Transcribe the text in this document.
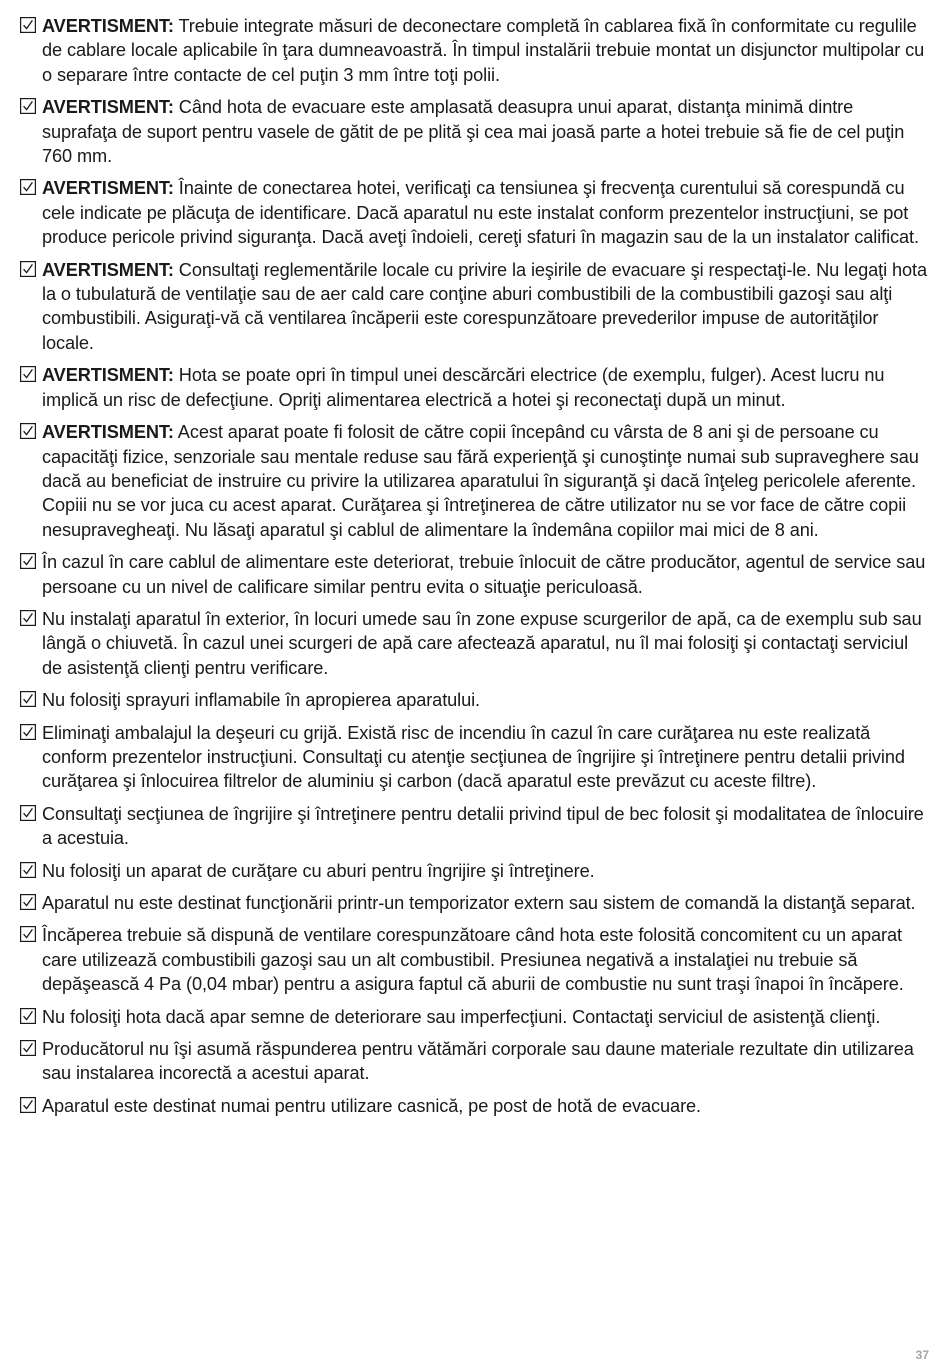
AVERTISMENT: Trebuie integrate măsuri de deconectare completă în cablarea fixă în conformitate cu regulile de cablare locale aplicabile în ţara dumneavoastră. În timpul instalării trebuie montat un disjunctor multipolar cu o separare între contacte de cel puţin 3 mm între toţi polii.
AVERTISMENT: Când hota de evacuare este amplasată deasupra unui aparat, distanţa minimă dintre suprafaţa de suport pentru vasele de gătit de pe plită şi cea mai joasă parte a hotei trebuie să fie de cel puţin 760 mm.
AVERTISMENT: Înainte de conectarea hotei, verificaţi ca tensiunea şi frecvenţa curentului să corespundă cu cele indicate pe plăcuţa de identificare. Dacă aparatul nu este instalat conform prezentelor instrucţiuni, se pot produce pericole privind siguranţa. Dacă aveţi îndoieli, cereţi sfaturi în magazin sau de la un instalator calificat.
AVERTISMENT: Consultaţi reglementările locale cu privire la ieşirile de evacuare şi respectaţi-le. Nu legaţi hota la o tubulatură de ventilaţie sau de aer cald care conţine aburi combustibili de la combustibili gazoşi sau alţi combustibili. Asiguraţi-vă că ventilarea încăperii este corespunzătoare prevederilor impuse de autorităţilor locale.
AVERTISMENT: Hota se poate opri în timpul unei descărcări electrice (de exemplu, fulger). Acest lucru nu implică un risc de defecţiune. Opriţi alimentarea electrică a hotei şi reconectaţi după un minut.
AVERTISMENT: Acest aparat poate fi folosit de către copii începând cu vârsta de 8 ani şi de persoane cu capacităţi fizice, senzoriale sau mentale reduse sau fără experienţă şi cunoştinţe numai sub supraveghere sau dacă au beneficiat de instruire cu privire la utilizarea aparatului în siguranţă şi dacă înţeleg pericolele aferente. Copiii nu se vor juca cu acest aparat. Curăţarea şi întreţinerea de către utilizator nu se vor face de către copii nesupravegheaţi. Nu lăsaţi aparatul şi cablul de alimentare la îndemâna copiilor mai mici de 8 ani.
În cazul în care cablul de alimentare este deteriorat, trebuie înlocuit de către producător, agentul de service sau persoane cu un nivel de calificare similar pentru evita o situaţie periculoasă.
Nu instalaţi aparatul în exterior, în locuri umede sau în zone expuse scurgerilor de apă, ca de exemplu sub sau lângă o chiuvetă. În cazul unei scurgeri de apă care afectează aparatul, nu îl mai folosiţi şi contactaţi serviciul de asistenţă clienţi pentru verificare.
Nu folosiţi sprayuri inflamabile în apropierea aparatului.
Eliminaţi ambalajul la deşeuri cu grijă. Există risc de incendiu în cazul în care curăţarea nu este realizată conform prezentelor instrucţiuni. Consultaţi cu atenţie secţiunea de îngrijire şi întreţinere pentru detalii privind curăţarea şi înlocuirea filtrelor de aluminiu şi carbon (dacă aparatul este prevăzut cu aceste filtre).
Consultaţi secţiunea de îngrijire şi întreţinere pentru detalii privind tipul de bec folosit şi modalitatea de înlocuire a acestuia.
Nu folosiţi un aparat de curăţare cu aburi pentru îngrijire şi întreţinere.
Aparatul nu este destinat funcţionării printr-un temporizator extern sau sistem de comandă la distanţă separat.
Încăperea trebuie să dispună de ventilare corespunzătoare când hota este folosită concomitent cu un aparat care utilizează combustibili gazoşi sau un alt combustibil. Presiunea negativă a instalaţiei nu trebuie să depăşească 4 Pa (0,04 mbar) pentru a asigura faptul că aburii de combustie nu sunt traşi înapoi în încăpere.
Nu folosiţi hota dacă apar semne de deteriorare sau imperfecţiuni. Contactaţi serviciul de asistenţă clienţi.
Producătorul nu îşi asumă răspunderea pentru vătămări corporale sau daune materiale rezultate din utilizarea sau instalarea incorectă a acestui aparat.
Aparatul este destinat numai pentru utilizare casnică, pe post de hotă de evacuare.
37
